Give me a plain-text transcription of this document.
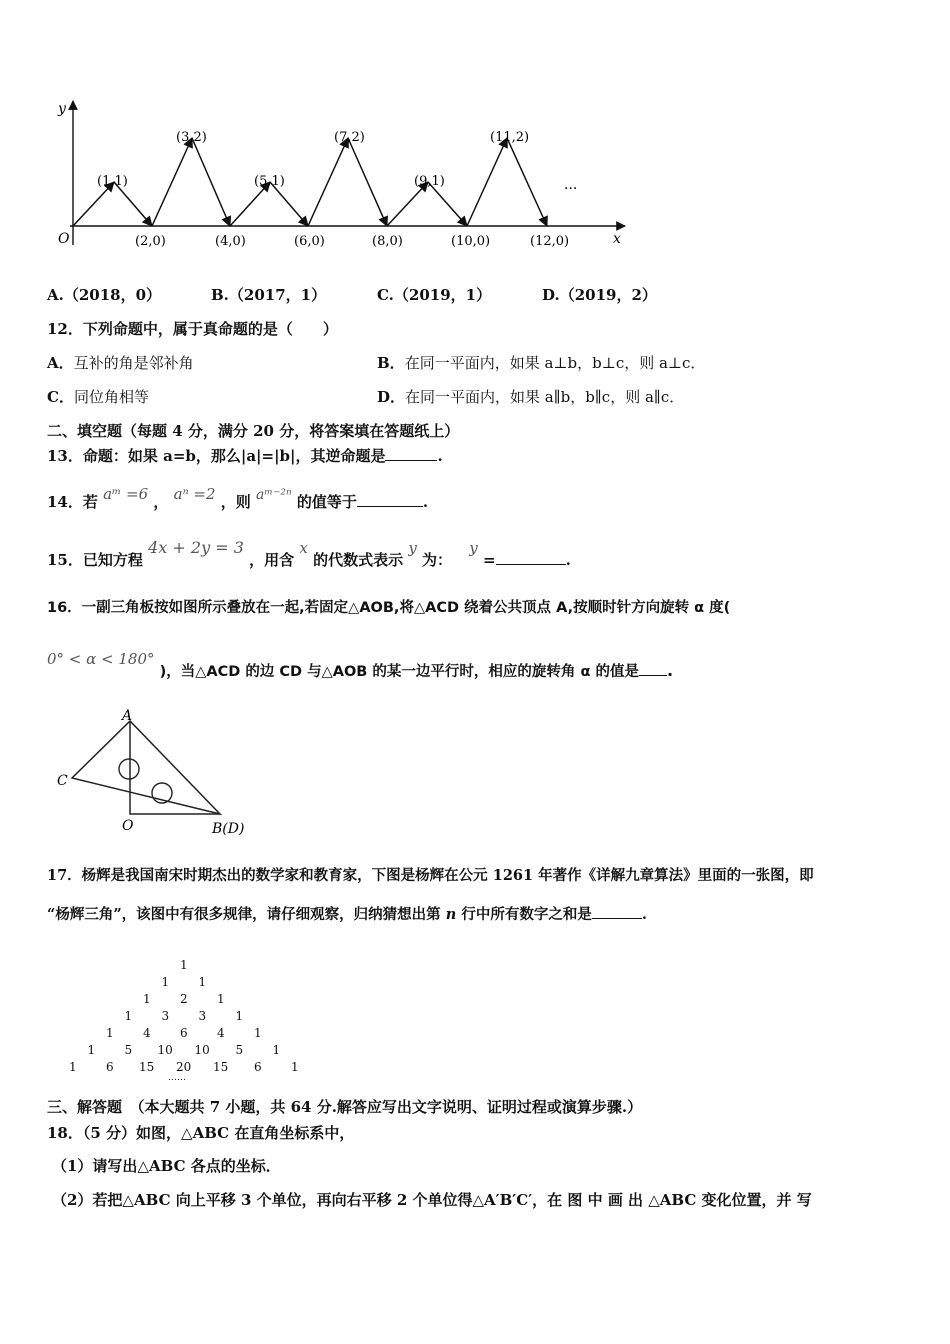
y
x
O
(1,1)
(3,2)
(5,1)
(7,2)
(9,1)
(11,2)
(2,0)	(4,0)	(6,0)	(8,0)	(10,0)	(12,0)
···
A.（2018，0）	B.（2017，1）	C.（2019，1）	D.（2019，2）
12．下列命题中，属于真命题的是（　　）
A．互补的角是邻补角	B．在同一平面内，如果 a⊥b，b⊥c，则 a⊥c．
C．同位角相等	D．在同一平面内，如果 a∥b，b∥c，则 a∥c．
二、填空题（每题 4 分，满分 20 分，将答案填在答题纸上）
13．命题：如果 a=b，那么|a|=|b|，其逆命题是	.
14．若 aᵐ =6 ， aⁿ =2 ，则 aᵐ⁻²ⁿ 的值等于	.
15．已知方程 4x + 2y = 3 ，用含 x 的代数式表示 y 为： y =	.
16．一副三角板按如图所示叠放在一起,若固定△AOB,将△ACD 绕着公共顶点 A,按顺时针方向旋转 α 度(
0° < α < 180° )，当△ACD 的边 CD 与△AOB 的某一边平行时，相应的旋转角 α 的值是 .
A
C
O	B(D)
17．杨辉是我国南宋时期杰出的数学家和教育家，下图是杨辉在公元 1261 年著作《详解九章算法》里面的一张图，即
“杨辉三角”，该图中有很多规律，请仔细观察，归纳猜想出第 n 行中所有数字之和是	.
1
1 1
1 2 1
1 3 3 1
1 4 6 4 1
1 5 10 10 5 1
1 6 15 20 15 6 1
……
三、解答题　（本大题共 7 小题，共 64 分.解答应写出文字说明、证明过程或演算步骤.）
18．（5 分）如图，△ABC 在直角坐标系中，
（1）请写出△ABC 各点的坐标．
（2）若把△ABC 向上平移 3 个单位，再向右平移 2 个单位得△A′B′C′，在 图 中 画 出 △ABC 变化位置，并 写
